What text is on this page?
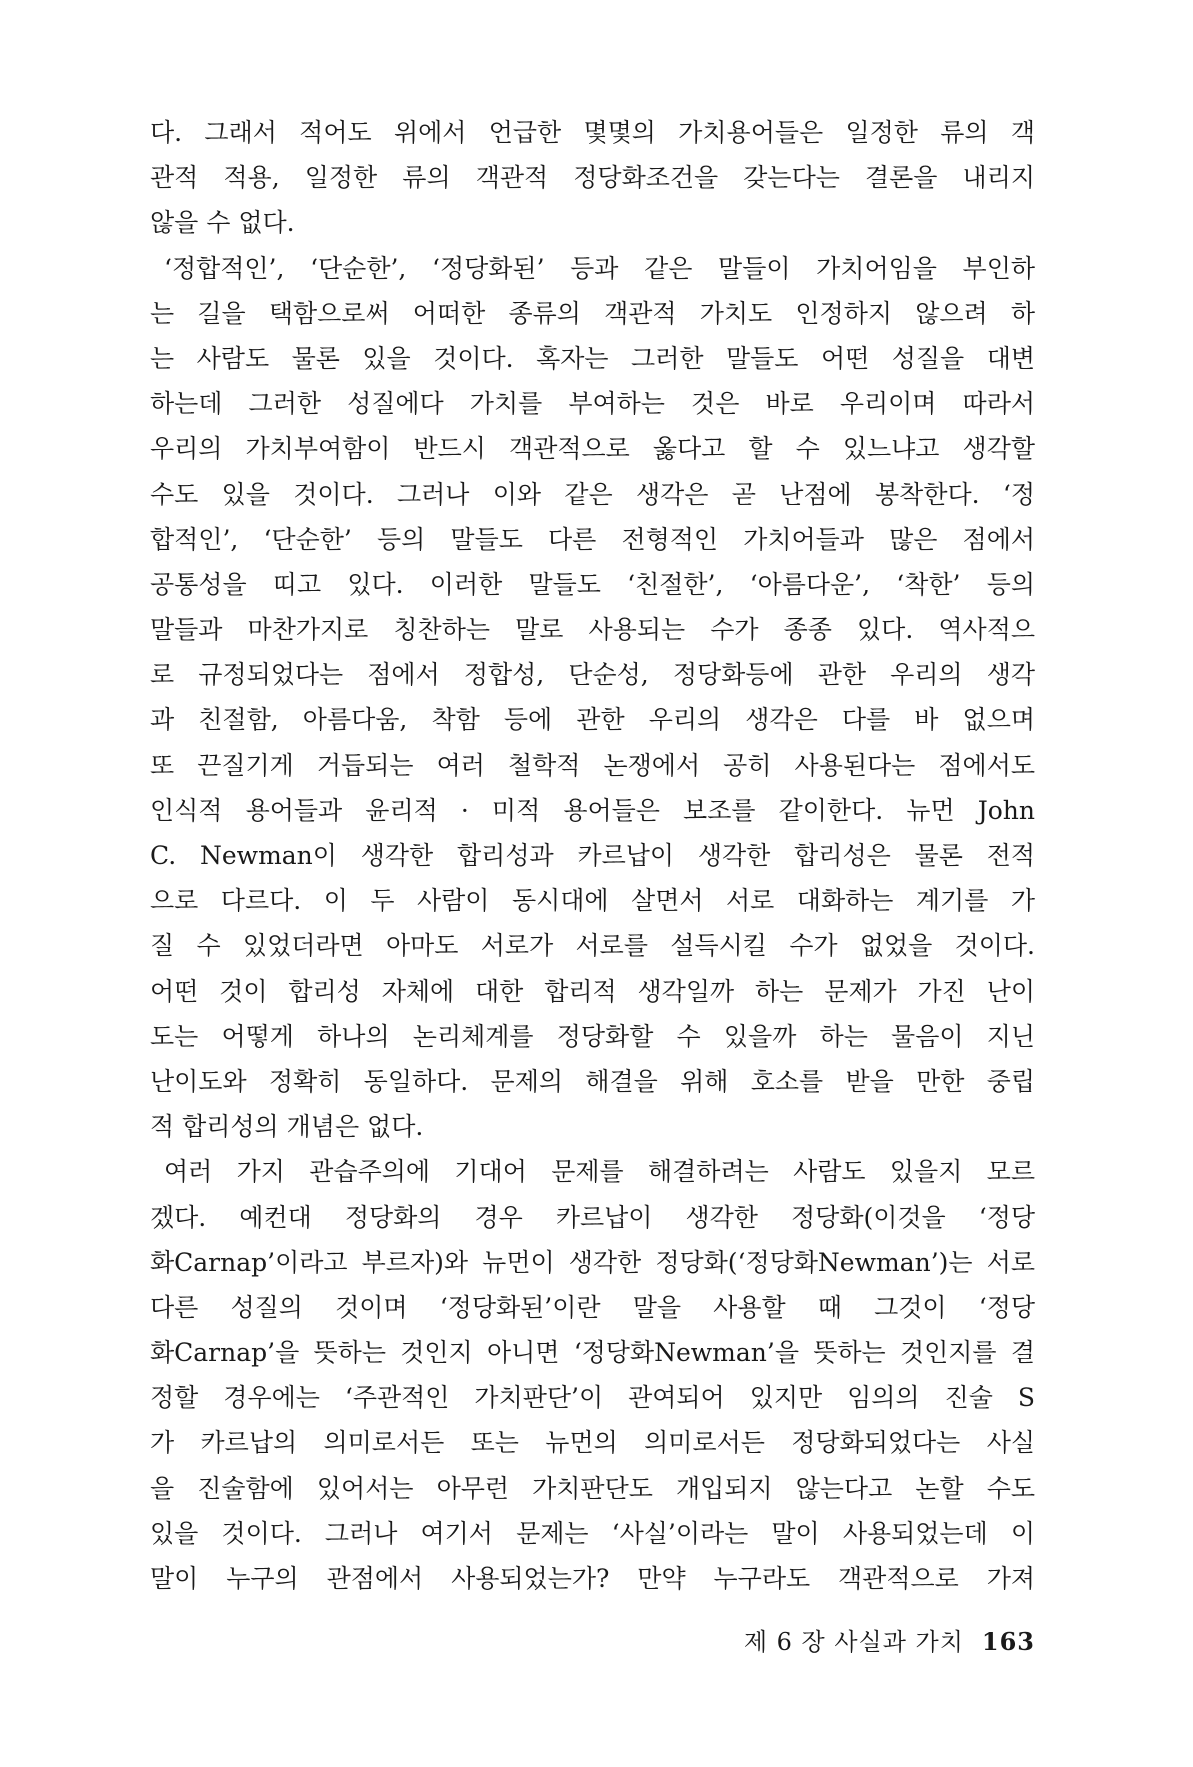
다. 그래서 적어도 위에서 언급한 몇몇의 가치용어들은 일정한 류의 객
관적 적용, 일정한 류의 객관적 정당화조건을 갖는다는 결론을 내리지
않을 수 없다.
‘정합적인’, ‘단순한’, ‘정당화된’ 등과 같은 말들이 가치어임을 부인하
는 길을 택함으로써 어떠한 종류의 객관적 가치도 인정하지 않으려 하
는 사람도 물론 있을 것이다. 혹자는 그러한 말들도 어떤 성질을 대변
하는데 그러한 성질에다 가치를 부여하는 것은 바로 우리이며 따라서
우리의 가치부여함이 반드시 객관적으로 옳다고 할 수 있느냐고 생각할
수도 있을 것이다. 그러나 이와 같은 생각은 곧 난점에 봉착한다. ‘정
합적인’, ‘단순한’ 등의 말들도 다른 전형적인 가치어들과 많은 점에서
공통성을 띠고 있다. 이러한 말들도 ‘친절한’, ‘아름다운’, ‘착한’ 등의
말들과 마찬가지로 칭찬하는 말로 사용되는 수가 종종 있다. 역사적으
로 규정되었다는 점에서 정합성, 단순성, 정당화등에 관한 우리의 생각
과 친절함, 아름다움, 착함 등에 관한 우리의 생각은 다를 바 없으며
또 끈질기게 거듭되는 여러 철학적 논쟁에서 공히 사용된다는 점에서도
인식적 용어들과 윤리적 · 미적 용어들은 보조를 같이한다. 뉴먼 John
C. Newman이 생각한 합리성과 카르납이 생각한 합리성은 물론 전적
으로 다르다. 이 두 사람이 동시대에 살면서 서로 대화하는 계기를 가
질 수 있었더라면 아마도 서로가 서로를 설득시킬 수가 없었을 것이다.
어떤 것이 합리성 자체에 대한 합리적 생각일까 하는 문제가 가진 난이
도는 어떻게 하나의 논리체계를 정당화할 수 있을까 하는 물음이 지닌
난이도와 정확히 동일하다. 문제의 해결을 위해 호소를 받을 만한 중립
적 합리성의 개념은 없다.
여러 가지 관습주의에 기대어 문제를 해결하려는 사람도 있을지 모르
겠다. 예컨대 정당화의 경우 카르납이 생각한 정당화(이것을 ‘정당
화Carnap’이라고 부르자)와 뉴먼이 생각한 정당화(‘정당화Newman’)는 서로
다른 성질의 것이며 ‘정당화된’이란 말을 사용할 때 그것이 ‘정당
화Carnap’을 뜻하는 것인지 아니면 ‘정당화Newman’을 뜻하는 것인지를 결
정할 경우에는 ‘주관적인 가치판단’이 관여되어 있지만 임의의 진술 S
가 카르납의 의미로서든 또는 뉴먼의 의미로서든 정당화되었다는 사실
을 진술함에 있어서는 아무런 가치판단도 개입되지 않는다고 논할 수도
있을 것이다. 그러나 여기서 문제는 ‘사실’이라는 말이 사용되었는데 이
말이 누구의 관점에서 사용되었는가? 만약 누구라도 객관적으로 가져
제 6 장 사실과 가치 163
